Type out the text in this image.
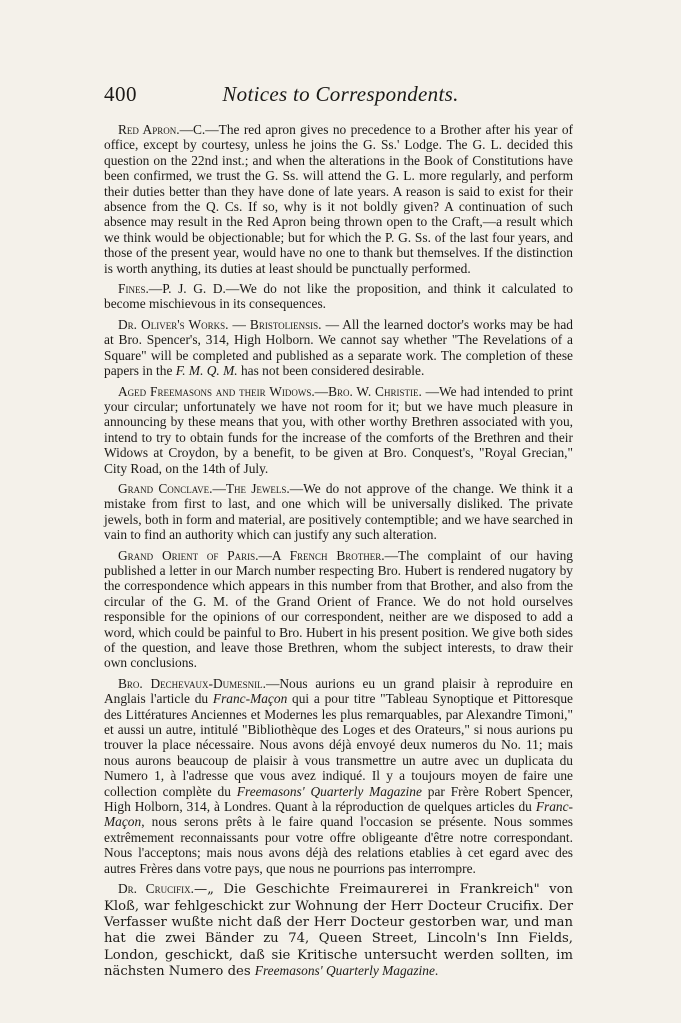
400	Notices to Correspondents.

Red Apron.—C.—The red apron gives no precedence to a Brother after his year of office, except by courtesy, unless he joins the G. Ss.' Lodge. The G. L. decided this question on the 22nd inst.; and when the alterations in the Book of Constitutions have been confirmed, we trust the G. Ss. will attend the G. L. more regularly, and perform their duties better than they have done of late years. A reason is said to exist for their absence from the Q. Cs. If so, why is it not boldly given? A continuation of such absence may result in the Red Apron being thrown open to the Craft,—a result which we think would be objectionable; but for which the P. G. Ss. of the last four years, and those of the present year, would have no one to thank but themselves. If the distinction is worth anything, its duties at least should be punctually performed.

Fines.—P. J. G. D.—We do not like the proposition, and think it calculated to become mischievous in its consequences.

Dr. Oliver's Works. — Bristoliensis. — All the learned doctor's works may be had at Bro. Spencer's, 314, High Holborn. We cannot say whether "The Revelations of a Square" will be completed and published as a separate work. The completion of these papers in the F. M. Q. M. has not been considered desirable.

Aged Freemasons and their Widows.—Bro. W. Christie. —We had intended to print your circular; unfortunately we have not room for it; but we have much pleasure in announcing by these means that you, with other worthy Brethren associated with you, intend to try to obtain funds for the increase of the comforts of the Brethren and their Widows at Croydon, by a benefit, to be given at Bro. Conquest's, "Royal Grecian," City Road, on the 14th of July.

Grand Conclave.—The Jewels.—We do not approve of the change. We think it a mistake from first to last, and one which will be universally disliked. The private jewels, both in form and material, are positively contemptible; and we have searched in vain to find an authority which can justify any such alteration.

Grand Orient of Paris.—A French Brother.—The complaint of our having published a letter in our March number respecting Bro. Hubert is rendered nugatory by the correspondence which appears in this number from that Brother, and also from the circular of the G. M. of the Grand Orient of France. We do not hold ourselves responsible for the opinions of our correspondent, neither are we disposed to add a word, which could be painful to Bro. Hubert in his present position. We give both sides of the question, and leave those Brethren, whom the subject interests, to draw their own conclusions.

Bro. Dechevaux-Dumesnil.—Nous aurions eu un grand plaisir à reproduire en Anglais l'article du Franc-Maçon qui a pour titre "Tableau Synoptique et Pittoresque des Littératures Anciennes et Modernes les plus remarquables, par Alexandre Timoni," et aussi un autre, intitulé "Bibliothèque des Loges et des Orateurs," si nous aurions pu trouver la place nécessaire. Nous avons déjà envoyé deux numeros du No. 11; mais nous aurons beaucoup de plaisir à vous transmettre un autre avec un duplicata du Numero 1, à l'adresse que vous avez indiqué. Il y a toujours moyen de faire une collection complète du Freemasons' Quarterly Magazine par Frère Robert Spencer, High Holborn, 314, à Londres. Quant à la réproduction de quelques articles du Franc-Maçon, nous serons prêts à le faire quand l'occasion se présente. Nous sommes extrêmement reconnaissants pour votre offre obligeante d'être notre correspondant. Nous l'acceptons; mais nous avons déjà des relations etablies à cet egard avec des autres Frères dans votre pays, que nous ne pourrions pas interrompre.

Dr. Crucifix.—„ Die Geschichte Freimaurerei in Frankreich" von Kloß, war fehlgeschickt zur Wohnung der Herr Docteur Crucifix. Der Verfasser wußte nicht daß der Herr Docteur gestorben war, und man hat die zwei Bänder zu 74, Queen Street, Lincoln's Inn Fields, London, geschickt, daß sie Kritische untersucht werden sollten, im nächsten Numero des Freemasons' Quarterly Magazine.
